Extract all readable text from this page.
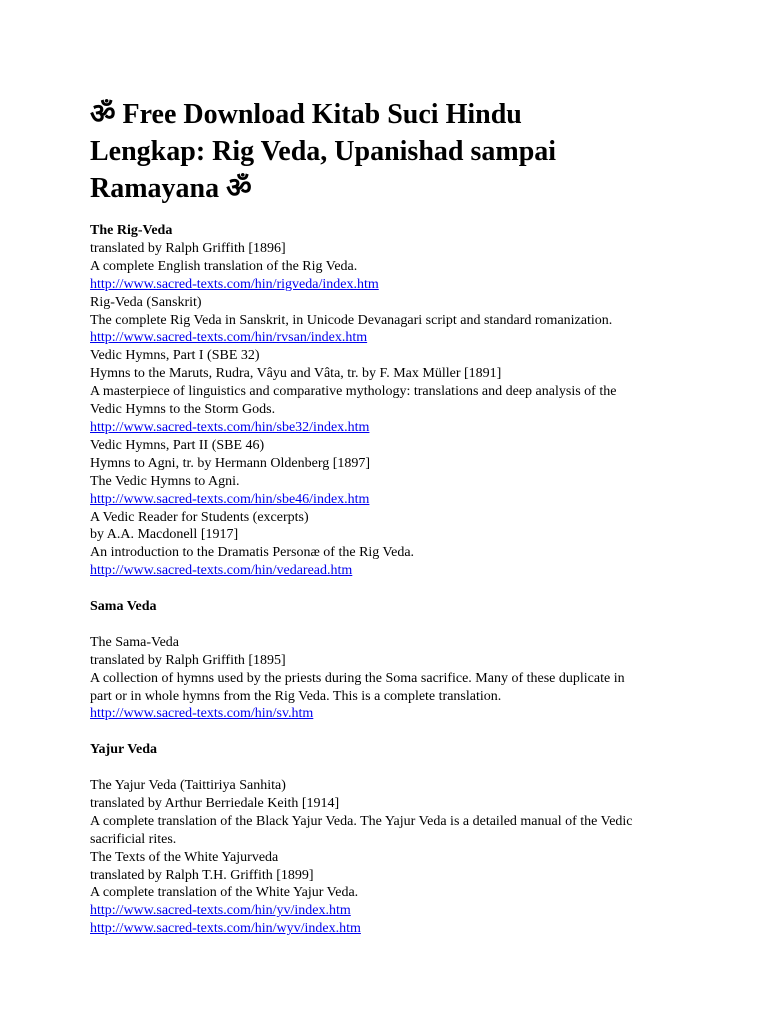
ॐ Free Download Kitab Suci Hindu
Lengkap: Rig Veda, Upanishad sampai
Ramayana ॐ
The Rig-Veda
translated by Ralph Griffith [1896]
A complete English translation of the Rig Veda.
http://www.sacred-texts.com/hin/rigveda/index.htm
Rig-Veda (Sanskrit)
The complete Rig Veda in Sanskrit, in Unicode Devanagari script and standard romanization.
http://www.sacred-texts.com/hin/rvsan/index.htm
Vedic Hymns, Part I (SBE 32)
Hymns to the Maruts, Rudra, Vâyu and Vâta, tr. by F. Max Müller [1891]
A masterpiece of linguistics and comparative mythology: translations and deep analysis of the
Vedic Hymns to the Storm Gods.
http://www.sacred-texts.com/hin/sbe32/index.htm
Vedic Hymns, Part II (SBE 46)
Hymns to Agni, tr. by Hermann Oldenberg [1897]
The Vedic Hymns to Agni.
http://www.sacred-texts.com/hin/sbe46/index.htm
A Vedic Reader for Students (excerpts)
by A.A. Macdonell [1917]
An introduction to the Dramatis Personæ of the Rig Veda.
http://www.sacred-texts.com/hin/vedaread.htm
Sama Veda
The Sama-Veda
translated by Ralph Griffith [1895]
A collection of hymns used by the priests during the Soma sacrifice. Many of these duplicate in
part or in whole hymns from the Rig Veda. This is a complete translation.
http://www.sacred-texts.com/hin/sv.htm
Yajur Veda
The Yajur Veda (Taittiriya Sanhita)
translated by Arthur Berriedale Keith [1914]
A complete translation of the Black Yajur Veda. The Yajur Veda is a detailed manual of the Vedic
sacrificial rites.
The Texts of the White Yajurveda
translated by Ralph T.H. Griffith [1899]
A complete translation of the White Yajur Veda.
http://www.sacred-texts.com/hin/yv/index.htm
http://www.sacred-texts.com/hin/wyv/index.htm
